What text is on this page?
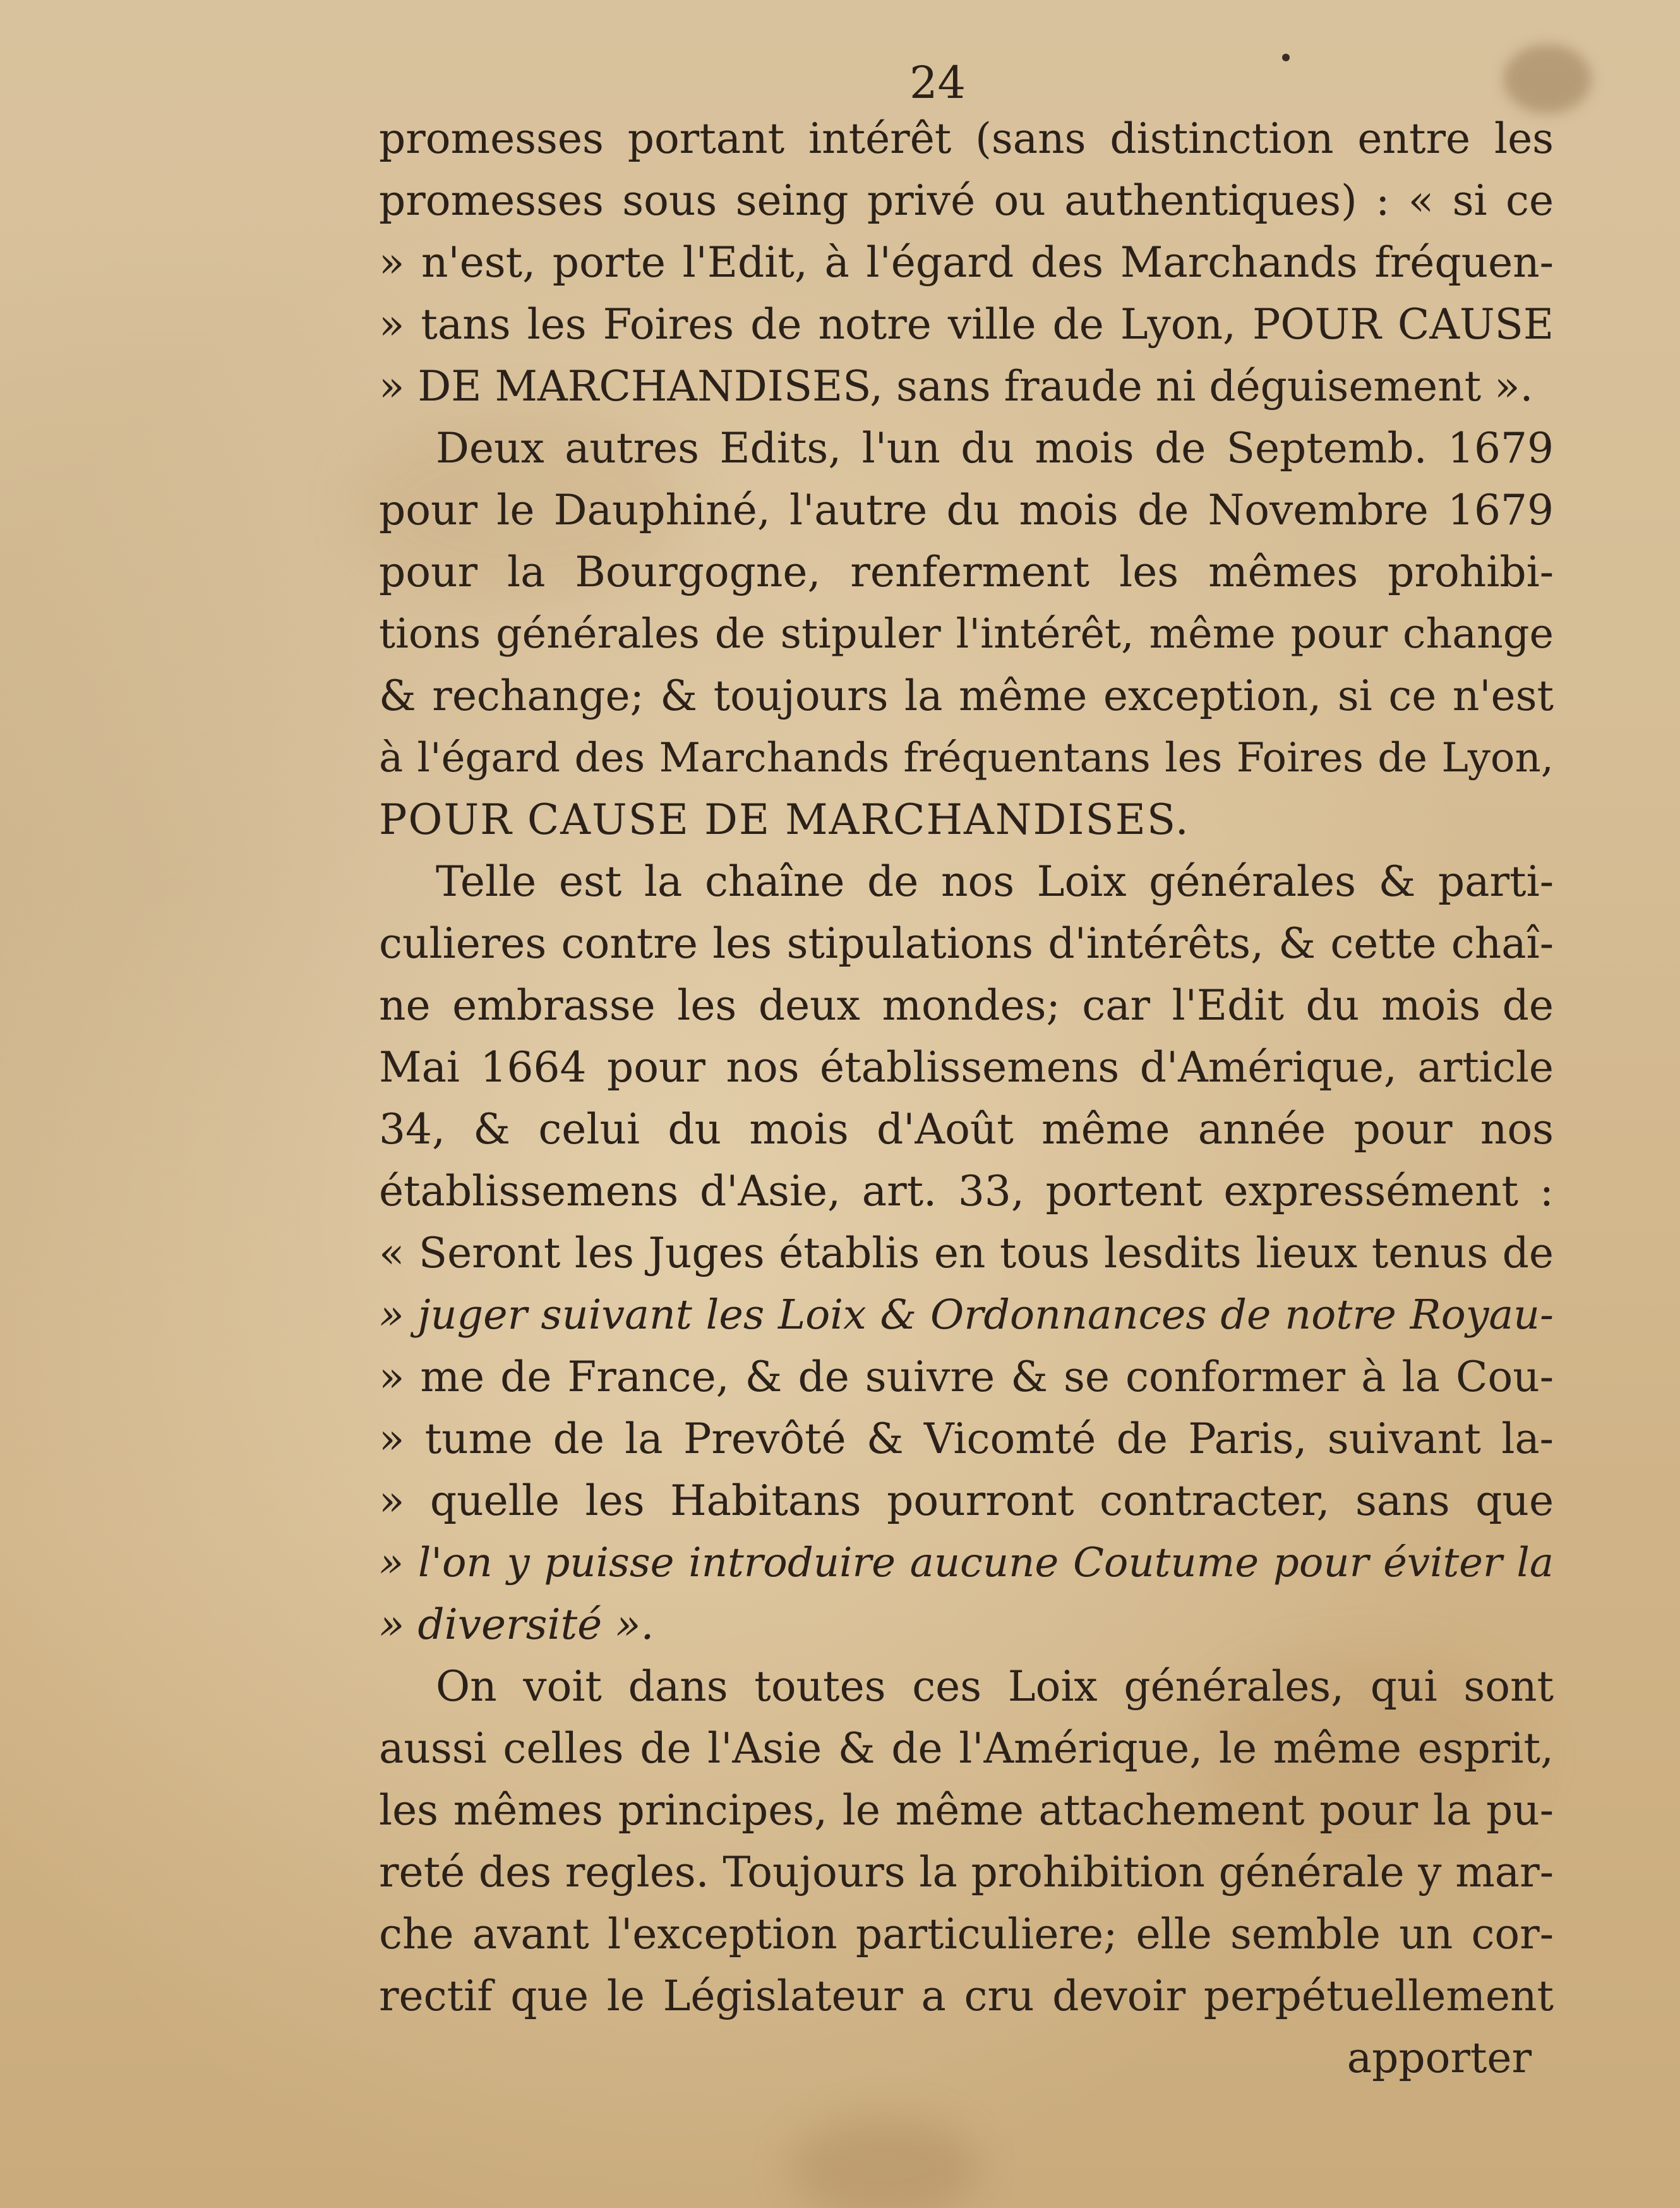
24
promesses portant intérêt (sans distinction entre les
promesses sous seing privé ou authentiques) : « si ce
» n'est, porte l'Edit, à l'égard des Marchands fréquen-
» tans les Foires de notre ville de Lyon, POUR CAUSE
» DE MARCHANDISES, sans fraude ni déguisement ».
Deux autres Edits, l'un du mois de Septemb. 1679
pour le Dauphiné, l'autre du mois de Novembre 1679
pour la Bourgogne, renferment les mêmes prohibi-
tions générales de stipuler l'intérêt, même pour change
& rechange; & toujours la même exception, si ce n'est
à l'égard des Marchands fréquentans les Foires de Lyon,
POUR CAUSE DE MARCHANDISES.
Telle est la chaîne de nos Loix générales & parti-
culieres contre les stipulations d'intérêts, & cette chaî-
ne embrasse les deux mondes; car l'Edit du mois de
Mai 1664 pour nos établissemens d'Amérique, article
34, & celui du mois d'Août même année pour nos
établissemens d'Asie, art. 33, portent expressément :
« Seront les Juges établis en tous lesdits lieux tenus de
» juger suivant les Loix & Ordonnances de notre Royau-
» me de France, & de suivre & se conformer à la Cou-
» tume de la Prevôté & Vicomté de Paris, suivant la-
» quelle les Habitans pourront contracter, sans que
» l'on y puisse introduire aucune Coutume pour éviter la
» diversité ».
On voit dans toutes ces Loix générales, qui sont
aussi celles de l'Asie & de l'Amérique, le même esprit,
les mêmes principes, le même attachement pour la pu-
reté des regles. Toujours la prohibition générale y mar-
che avant l'exception particuliere; elle semble un cor-
rectif que le Législateur a cru devoir perpétuellement
apporter
